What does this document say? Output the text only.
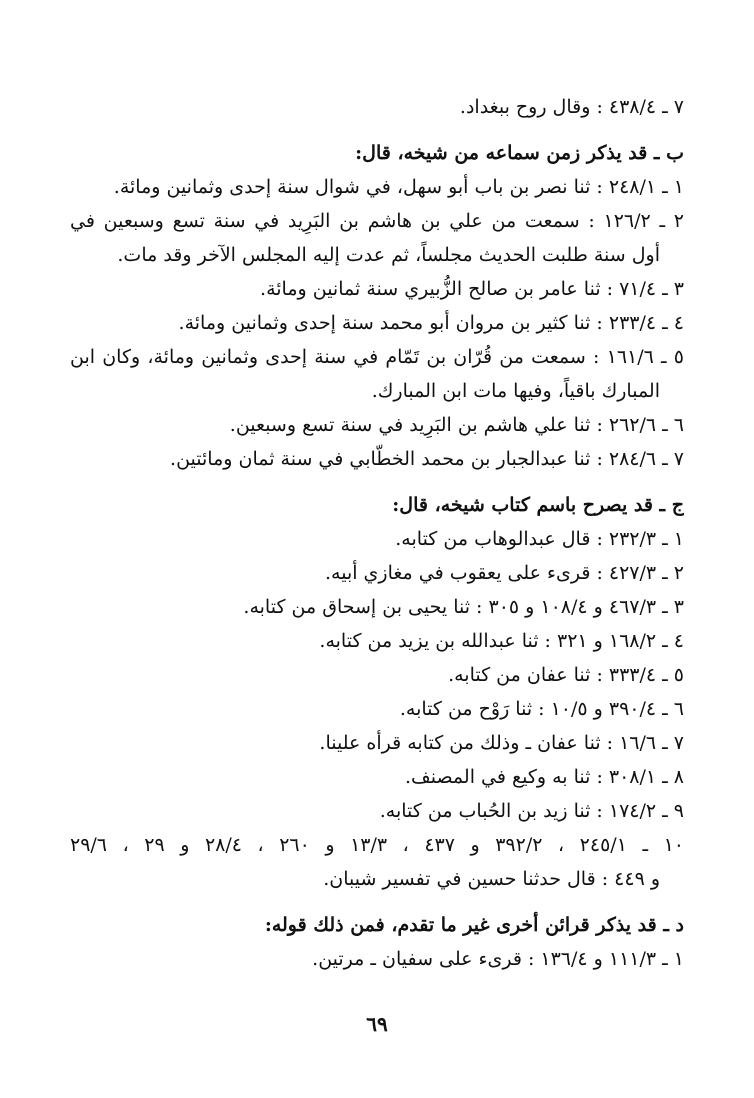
٧ ـ ٤٣٨/٤ : وقال روح ببغداد.
ب ـ قد يذكر زمن سماعه من شيخه، قال:
١ ـ ٢٤٨/١ : ثنا نصر بن باب أبو سهل، في شوال سنة إحدى وثمانين ومائة.
٢ ـ ١٢٦/٢ : سمعت من علي بن هاشم بن البَرِيد في سنة تسع وسبعين في
أول سنة طلبت الحديث مجلساً، ثم عدت إليه المجلس الآخر وقد مات.
٣ ـ ٧١/٤ : ثنا عامر بن صالح الزُّبيري سنة ثمانين ومائة.
٤ ـ ٢٣٣/٤ : ثنا كثير بن مروان أبو محمد سنة إحدى وثمانين ومائة.
٥ ـ ١٦١/٦ : سمعت من قُرّان بن تَمّام في سنة إحدى وثمانين ومائة، وكان ابن
المبارك باقياً، وفيها مات ابن المبارك.
٦ ـ ٢٦٢/٦ : ثنا علي هاشم بن البَرِيد في سنة تسع وسبعين.
٧ ـ ٢٨٤/٦ : ثنا عبدالجبار بن محمد الخطّابي في سنة ثمان ومائتين.
ج ـ قد يصرح باسم كتاب شيخه، قال:
١ ـ ٢٣٢/٣ : قال عبدالوهاب من كتابه.
٢ ـ ٤٢٧/٣ : قرىء على يعقوب في مغازي أبيه.
٣ ـ ٤٦٧/٣ و ١٠٨/٤ و ٣٠٥ : ثنا يحيى بن إسحاق من كتابه.
٤ ـ ١٦٨/٢ و ٣٢١ : ثنا عبدالله بن يزيد من كتابه.
٥ ـ ٣٣٣/٤ : ثنا عفان من كتابه.
٦ ـ ٣٩٠/٤ و ١٠/٥ : ثنا رَوْح من كتابه.
٧ ـ ١٦/٦ : ثنا عفان ـ وذلك من كتابه قرأه علينا.
٨ ـ ٣٠٨/١ : ثنا به وكيع في المصنف.
٩ ـ ١٧٤/٢ : ثنا زيد بن الحُباب من كتابه.
١٠ ـ ٢٤٥/١ ، ٣٩٢/٢ و ٤٣٧ ، ١٣/٣ و ٢٦٠ ، ٢٨/٤ و ٢٩ ، ٢٩/٦
و ٤٤٩ : قال حدثنا حسين في تفسير شيبان.
د ـ قد يذكر قرائن أخرى غير ما تقدم، فمن ذلك قوله:
١ ـ ١١١/٣ و ١٣٦/٤ : قرىء على سفيان ـ مرتين.
٦٩
